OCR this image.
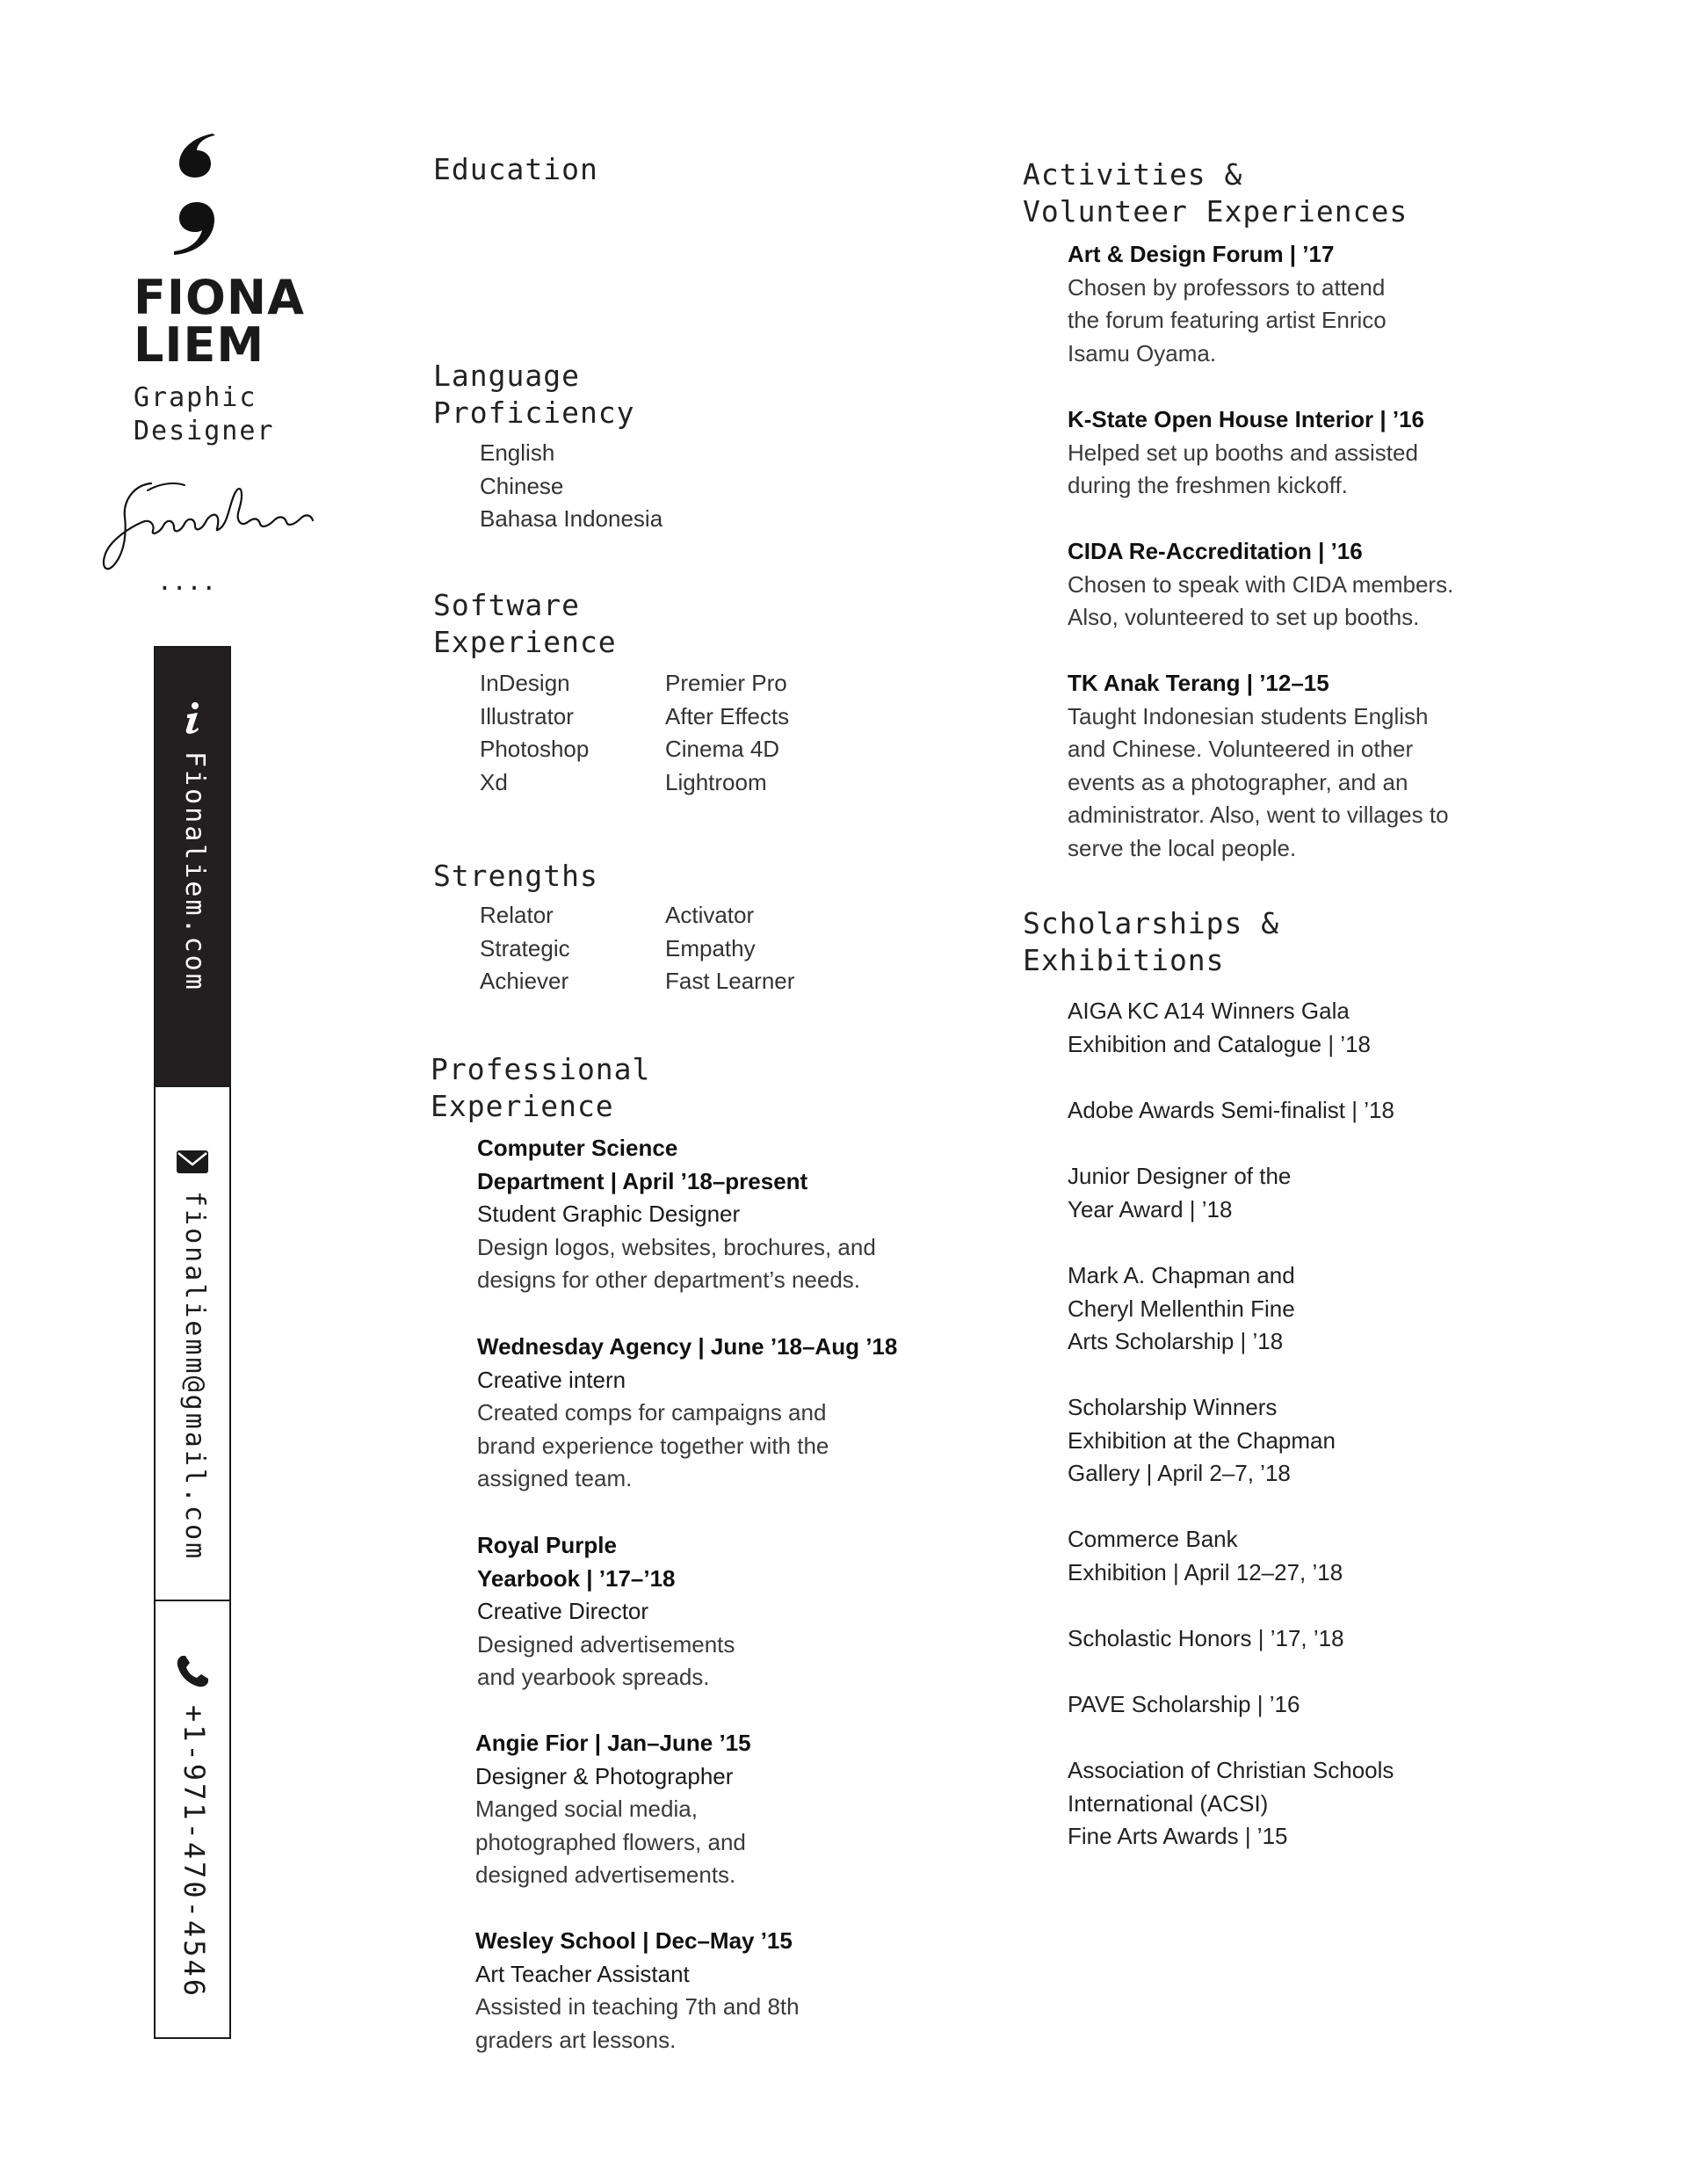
FIONA
LIEM
Graphic
Designer
....
Fionaliem.com
fionaliemm@gmail.com
+1-971-470-4546
Education
Language
Proficiency
English
Chinese
Bahasa Indonesia
Software
Experience
InDesign
Illustrator
Photoshop
Xd
Premier Pro
After Effects
Cinema 4D
Lightroom
Strengths
Relator
Strategic
Achiever
Activator
Empathy
Fast Learner
Professional
Experience
Computer Science
Department | April ’18–present
Student Graphic Designer
Design logos, websites, brochures, and
designs for other department’s needs.
Wednesday Agency | June ’18–Aug ’18
Creative intern
Created comps for campaigns and
brand experience together with the
assigned team.
Royal Purple
Yearbook | ’17–’18
Creative Director
Designed advertisements
and yearbook spreads.
Angie Fior | Jan–June ’15
Designer & Photographer
Manged social media,
photographed flowers, and
designed advertisements.
Wesley School | Dec–May ’15
Art Teacher Assistant
Assisted in teaching 7th and 8th
graders art lessons.
Activities &
Volunteer Experiences
Art & Design Forum | ’17
Chosen by professors to attend
the forum featuring artist Enrico
Isamu Oyama.
K-State Open House Interior | ’16
Helped set up booths and assisted
during the freshmen kickoff.
CIDA Re-Accreditation | ’16
Chosen to speak with CIDA members.
Also, volunteered to set up booths.
TK Anak Terang | ’12–15
Taught Indonesian students English
and Chinese. Volunteered in other
events as a photographer, and an
administrator. Also, went to villages to
serve the local people.
Scholarships &
Exhibitions
AIGA KC A14 Winners Gala
Exhibition and Catalogue | ’18
Adobe Awards Semi-finalist | ’18
Junior Designer of the
Year Award | ’18
Mark A. Chapman and
Cheryl Mellenthin Fine
Arts Scholarship | ’18
Scholarship Winners
Exhibition at the Chapman
Gallery | April 2–7, ’18
Commerce Bank
Exhibition | April 12–27, ’18
Scholastic Honors | ’17, ’18
PAVE Scholarship | ’16
Association of Christian Schools
International (ACSI)
Fine Arts Awards | ’15
